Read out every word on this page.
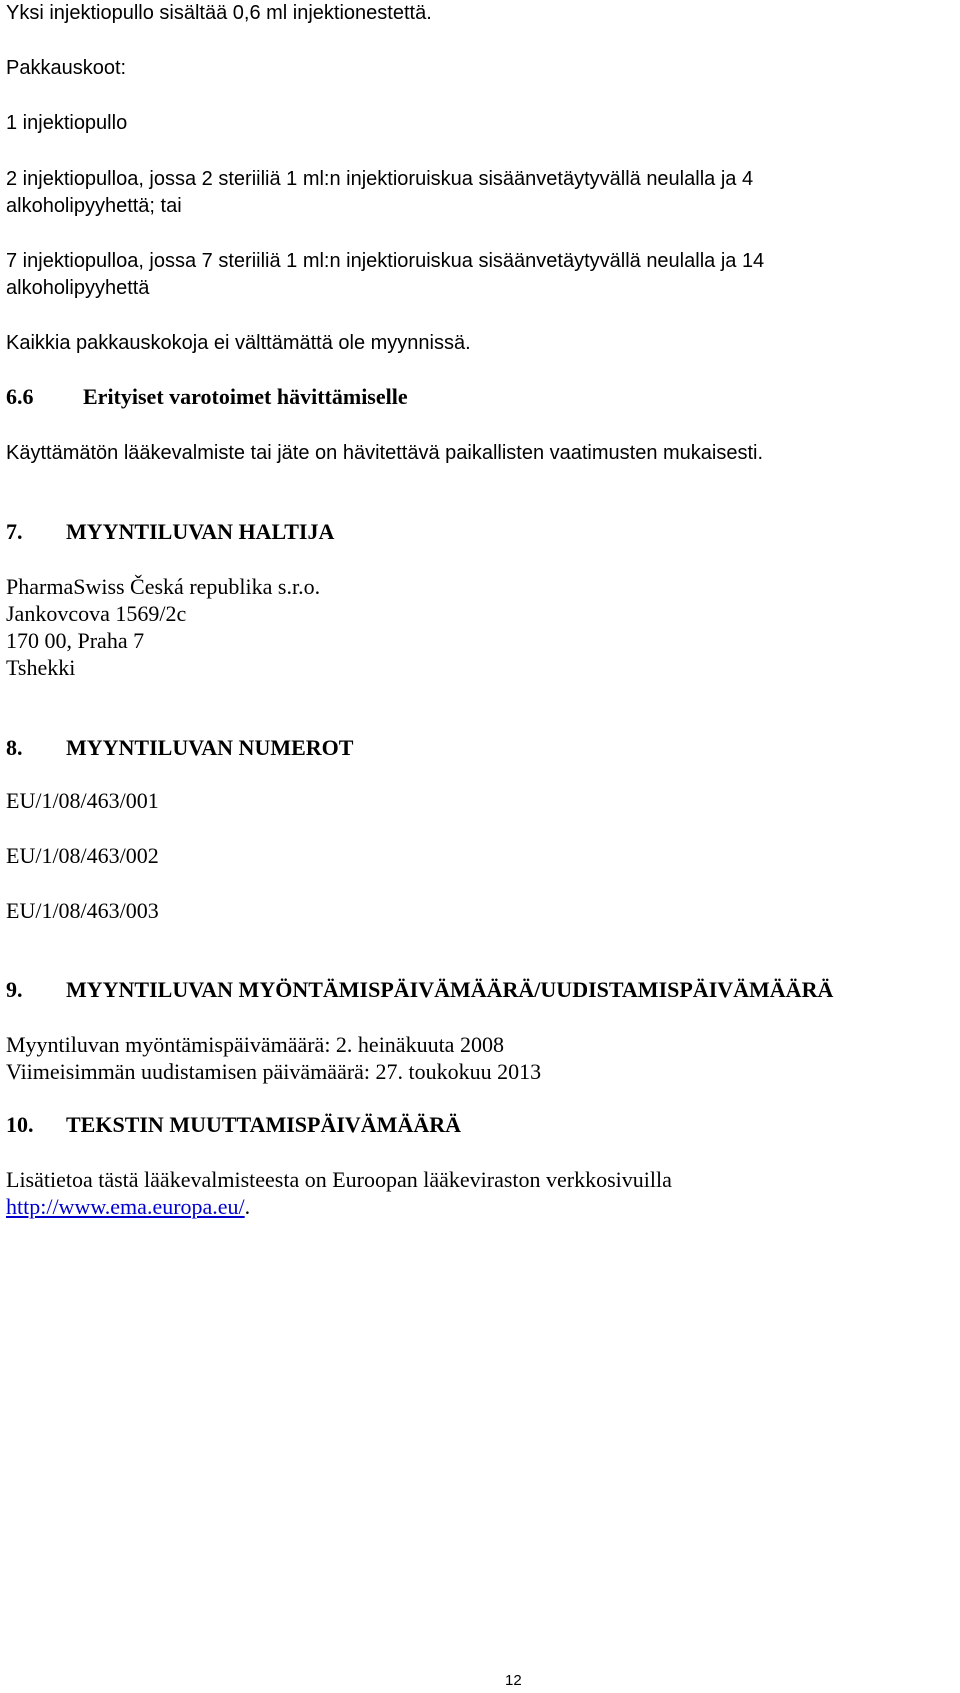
Yksi injektiopullo sisältää 0,6 ml injektionestettä.
Pakkauskoot:
1 injektiopullo
2 injektiopulloa, jossa 2 steriiliä 1 ml:n injektioruiskua sisäänvetäytyvällä neulalla ja 4
alkoholipyyhettä; tai
7 injektiopulloa, jossa 7 steriiliä 1 ml:n injektioruiskua sisäänvetäytyvällä neulalla ja 14
alkoholipyyhettä
Kaikkia pakkauskokoja ei välttämättä ole myynnissä.
6.6 Erityiset varotoimet hävittämiselle
Käyttämätön lääkevalmiste tai jäte on hävitettävä paikallisten vaatimusten mukaisesti.
7. MYYNTILUVAN HALTIJA
PharmaSwiss Česká republika s.r.o.
Jankovcova 1569/2c
170 00, Praha 7
Tshekki
8. MYYNTILUVAN NUMEROT
EU/1/08/463/001
EU/1/08/463/002
EU/1/08/463/003
9. MYYNTILUVAN MYÖNTÄMISPÄIVÄMÄÄRÄ/UUDISTAMISPÄIVÄMÄÄRÄ
Myyntiluvan myöntämispäivämäärä: 2. heinäkuuta 2008
Viimeisimmän uudistamisen päivämäärä: 27. toukokuu 2013
10. TEKSTIN MUUTTAMISPÄIVÄMÄÄRÄ
Lisätietoa tästä lääkevalmisteesta on Euroopan lääkeviraston verkkosivuilla
http://www.ema.europa.eu/.
12
